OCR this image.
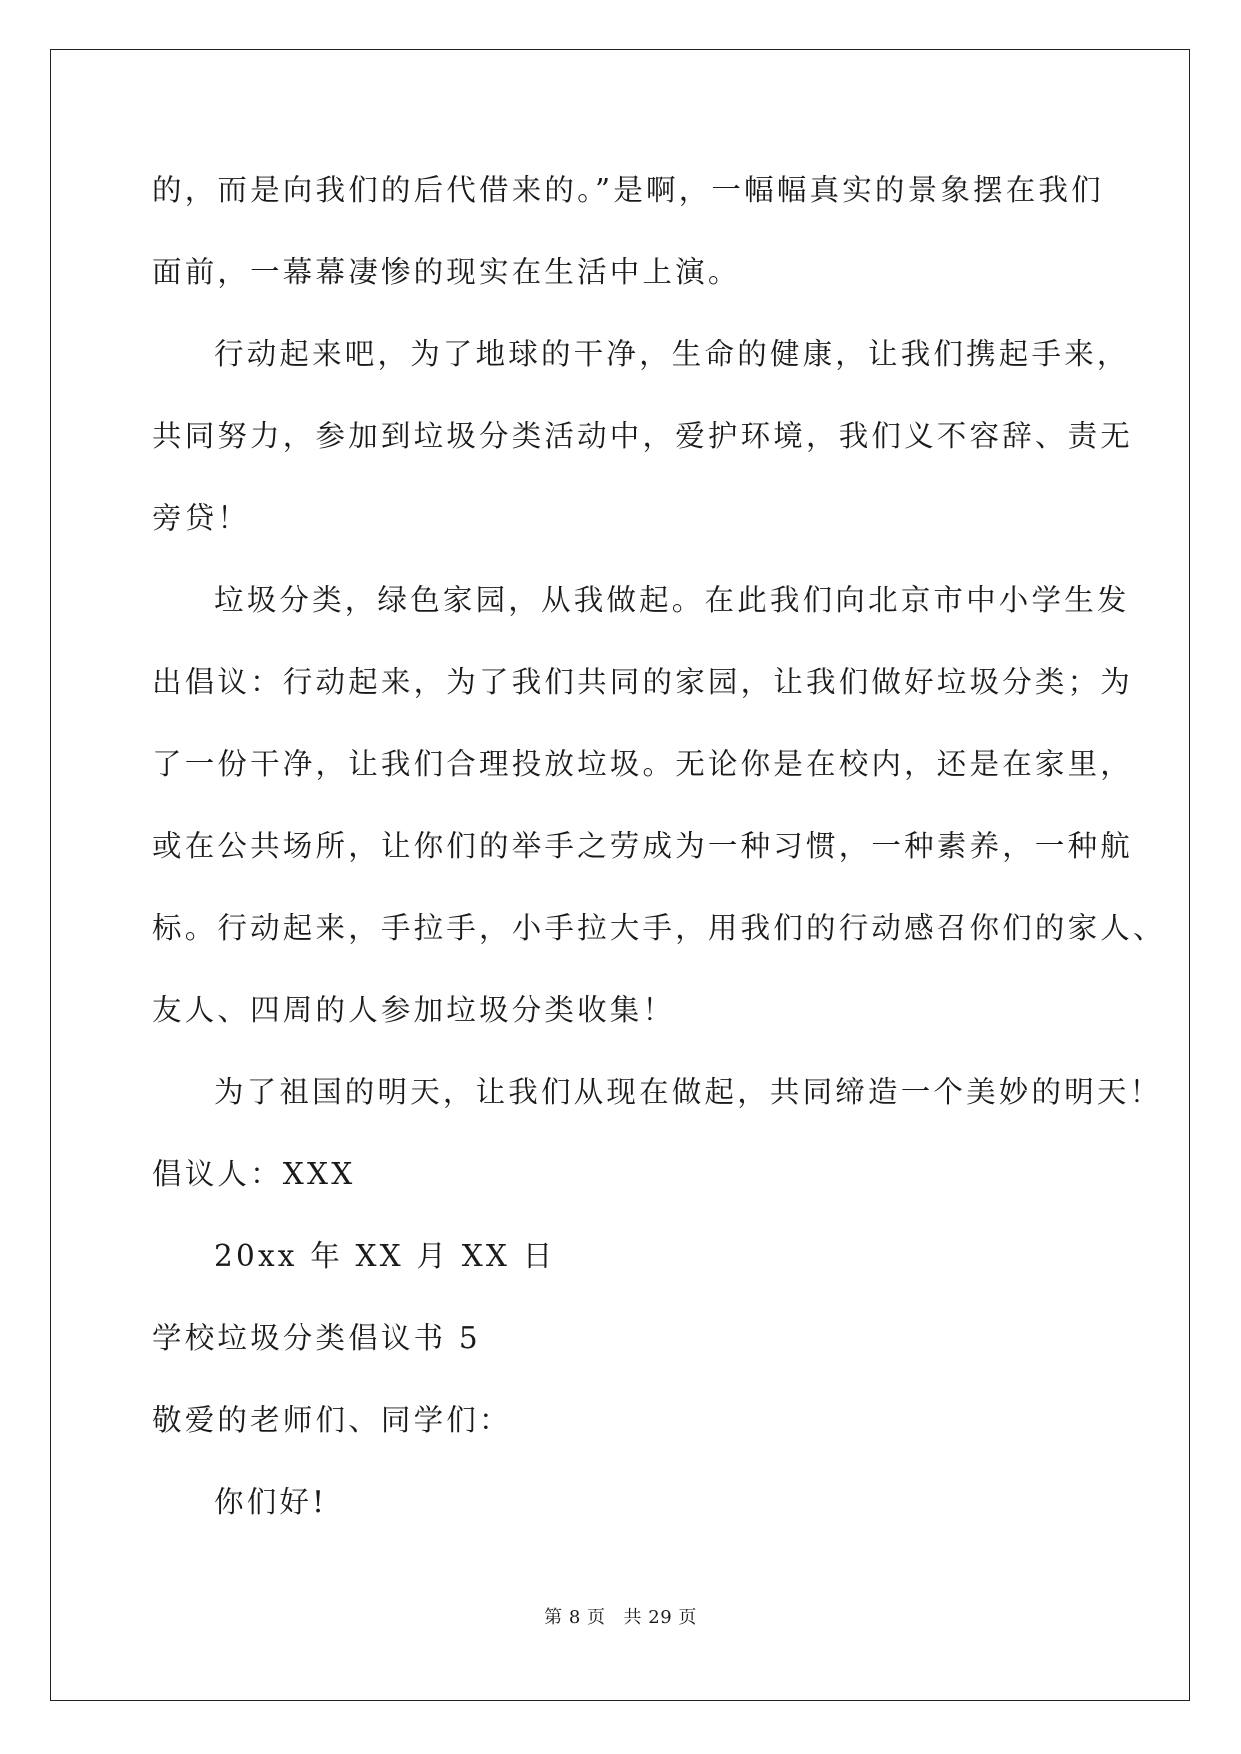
的，而是向我们的后代借来的。”是啊，一幅幅真实的景象摆在我们
面前，一幕幕凄惨的现实在生活中上演。
行动起来吧，为了地球的干净，生命的健康，让我们携起手来，
共同努力，参加到垃圾分类活动中，爱护环境，我们义不容辞、责无
旁贷！
垃圾分类，绿色家园，从我做起。在此我们向北京市中小学生发
出倡议：行动起来，为了我们共同的家园，让我们做好垃圾分类；为
了一份干净，让我们合理投放垃圾。无论你是在校内，还是在家里，
或在公共场所，让你们的举手之劳成为一种习惯，一种素养，一种航
标。行动起来，手拉手，小手拉大手，用我们的行动感召你们的家人、
友人、四周的人参加垃圾分类收集！
为了祖国的明天，让我们从现在做起，共同缔造一个美妙的明天！
倡议人：XXX
20xx 年 XX 月 XX 日
学校垃圾分类倡议书 5
敬爱的老师们、同学们：
你们好!
第 8 页 共 29 页
